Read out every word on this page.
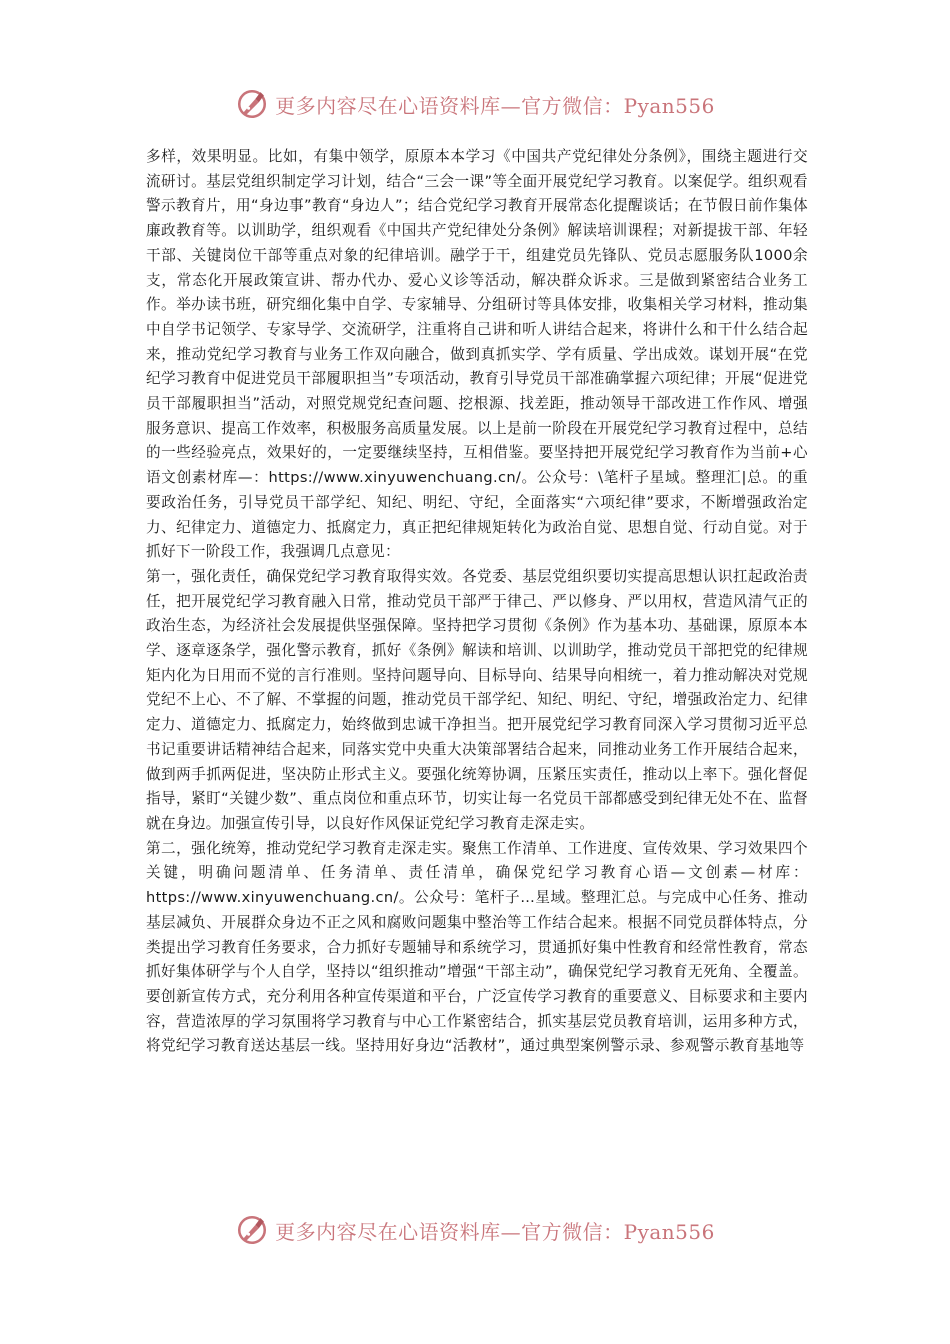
更多内容尽在心语资料库—官方微信：Pyan556

多样，效果明显。比如，有集中领学，原原本本学习《中国共产党纪律处分条例》，围绕主题进行交流研讨。基层党组织制定学习计划，结合“三会一课”等全面开展党纪学习教育。以案促学。组织观看警示教育片，用“身边事”教育“身边人”；结合党纪学习教育开展常态化提醒谈话；在节假日前作集体廉政教育等。以训助学，组织观看《中国共产党纪律处分条例》解读培训课程；对新提拔干部、年轻干部、关键岗位干部等重点对象的纪律培训。融学于干，组建党员先锋队、党员志愿服务队1000余支，常态化开展政策宣讲、帮办代办、爱心义诊等活动，解决群众诉求。三是做到紧密结合业务工作。举办读书班，研究细化集中自学、专家辅导、分组研讨等具体安排，收集相关学习材料，推动集中自学书记领学、专家导学、交流研学，注重将自己讲和听人讲结合起来，将讲什么和干什么结合起来，推动党纪学习教育与业务工作双向融合，做到真抓实学、学有质量、学出成效。谋划开展“在党纪学习教育中促进党员干部履职担当”专项活动，教育引导党员干部准确掌握六项纪律；开展“促进党员干部履职担当”活动，对照党规党纪查问题、挖根源、找差距，推动领导干部改进工作作风、增强服务意识、提高工作效率，积极服务高质量发展。以上是前一阶段在开展党纪学习教育过程中，总结的一些经验亮点，效果好的，一定要继续坚持，互相借鉴。要坚持把开展党纪学习教育作为当前+心语文创素材库—：https://www.xinyuwenchuang.cn/。公众号：\笔杆子星域。整理汇|总。的重要政治任务，引导党员干部学纪、知纪、明纪、守纪，全面落实“六项纪律”要求，不断增强政治定力、纪律定力、道德定力、抵腐定力，真正把纪律规矩转化为政治自觉、思想自觉、行动自觉。对于抓好下一阶段工作，我强调几点意见：

第一，强化责任，确保党纪学习教育取得实效。各党委、基层党组织要切实提高思想认识扛起政治责任，把开展党纪学习教育融入日常，推动党员干部严于律己、严以修身、严以用权，营造风清气正的政治生态，为经济社会发展提供坚强保障。坚持把学习贯彻《条例》作为基本功、基础课，原原本本学、逐章逐条学，强化警示教育，抓好《条例》解读和培训、以训助学，推动党员干部把党的纪律规矩内化为日用而不觉的言行准则。坚持问题导向、目标导向、结果导向相统一，着力推动解决对党规党纪不上心、不了解、不掌握的问题，推动党员干部学纪、知纪、明纪、守纪，增强政治定力、纪律定力、道德定力、抵腐定力，始终做到忠诚干净担当。把开展党纪学习教育同深入学习贯彻习近平总书记重要讲话精神结合起来，同落实党中央重大决策部署结合起来，同推动业务工作开展结合起来，做到两手抓两促进，坚决防止形式主义。要强化统筹协调，压紧压实责任，推动以上率下。强化督促指导，紧盯“关键少数”、重点岗位和重点环节，切实让每一名党员干部都感受到纪律无处不在、监督就在身边。加强宣传引导，以良好作风保证党纪学习教育走深走实。

第二，强化统筹，推动党纪学习教育走深走实。聚焦工作清单、工作进度、宣传效果、学习效果四个关键，明确问题清单、任务清单、责任清单，确保党纪学习教育心语—文创素—材库：https://www.xinyuwenchuang.cn/。公众号：笔杆子…星域。整理汇总。与完成中心任务、推动基层减负、开展群众身边不正之风和腐败问题集中整治等工作结合起来。根据不同党员群体特点，分类提出学习教育任务要求，合力抓好专题辅导和系统学习，贯通抓好集中性教育和经常性教育，常态抓好集体研学与个人自学，坚持以“组织推动”增强“干部主动”，确保党纪学习教育无死角、全覆盖。要创新宣传方式，充分利用各种宣传渠道和平台，广泛宣传学习教育的重要意义、目标要求和主要内容，营造浓厚的学习氛围将学习教育与中心工作紧密结合，抓实基层党员教育培训，运用多种方式，将党纪学习教育送达基层一线。坚持用好身边“活教材”，通过典型案例警示录、参观警示教育基地等

更多内容尽在心语资料库—官方微信：Pyan556
